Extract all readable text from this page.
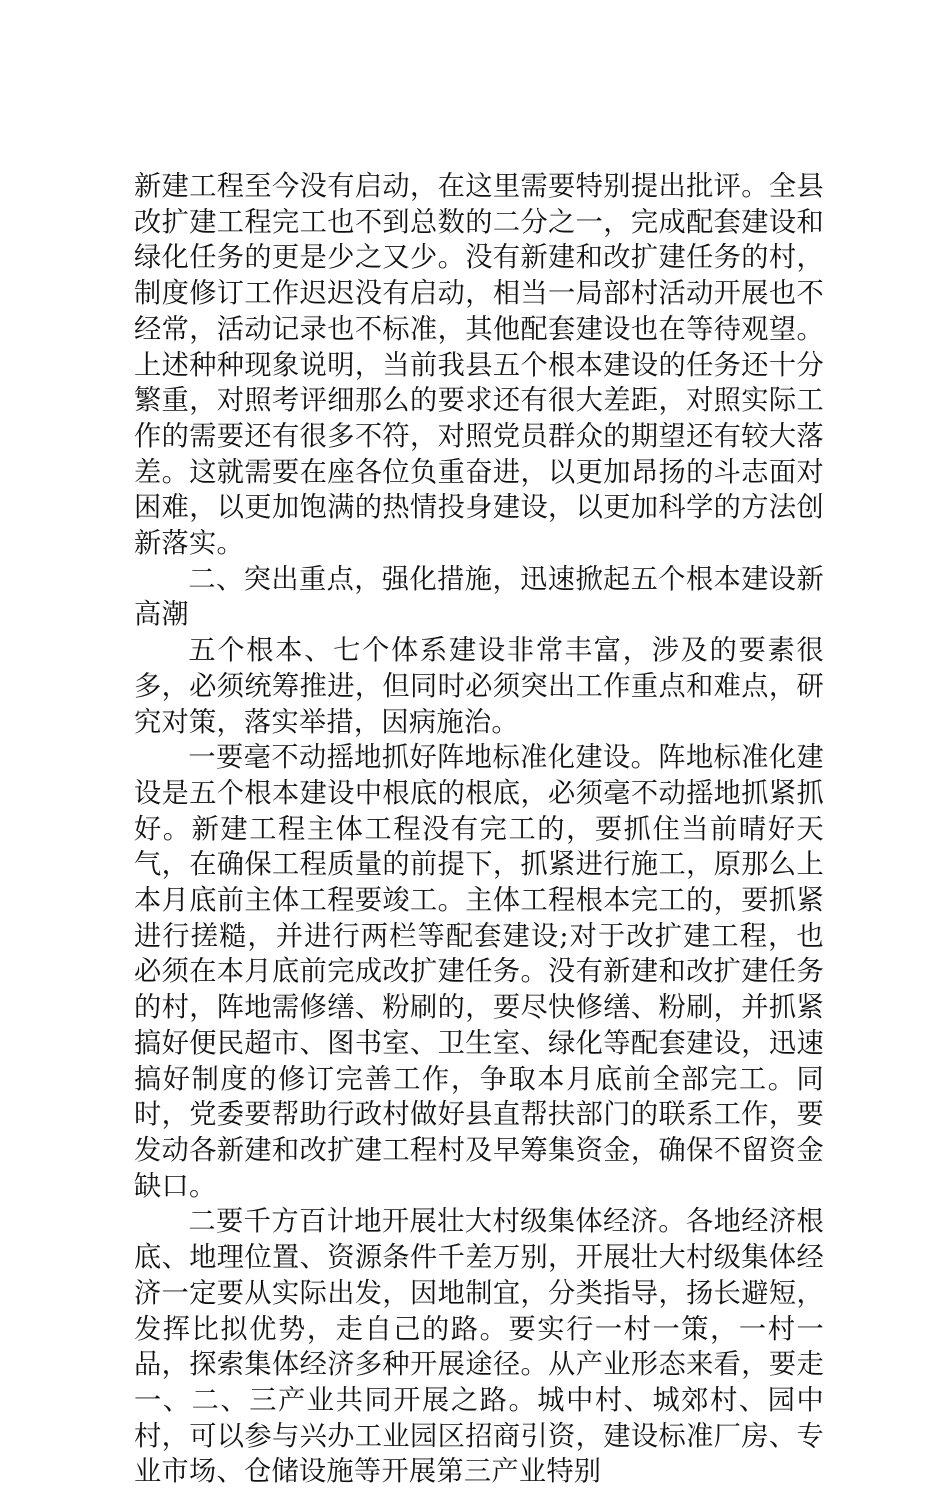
新建工程至今没有启动，在这里需要特别提出批评。全县改扩建工程完工也不到总数的二分之一，完成配套建设和绿化任务的更是少之又少。没有新建和改扩建任务的村，制度修订工作迟迟没有启动，相当一局部村活动开展也不经常，活动记录也不标准，其他配套建设也在等待观望。上述种种现象说明，当前我县五个根本建设的任务还十分繁重，对照考评细那么的要求还有很大差距，对照实际工作的需要还有很多不符，对照党员群众的期望还有较大落差。这就需要在座各位负重奋进，以更加昂扬的斗志面对困难，以更加饱满的热情投身建设，以更加科学的方法创新落实。

二、突出重点，强化措施，迅速掀起五个根本建设新高潮

五个根本、七个体系建设非常丰富，涉及的要素很多，必须统筹推进，但同时必须突出工作重点和难点，研究对策，落实举措，因病施治。

一要毫不动摇地抓好阵地标准化建设。阵地标准化建设是五个根本建设中根底的根底，必须毫不动摇地抓紧抓好。新建工程主体工程没有完工的，要抓住当前晴好天气，在确保工程质量的前提下，抓紧进行施工，原那么上本月底前主体工程要竣工。主体工程根本完工的，要抓紧进行搓糙，并进行两栏等配套建设;对于改扩建工程，也必须在本月底前完成改扩建任务。没有新建和改扩建任务的村，阵地需修缮、粉刷的，要尽快修缮、粉刷，并抓紧搞好便民超市、图书室、卫生室、绿化等配套建设，迅速搞好制度的修订完善工作，争取本月底前全部完工。同时，党委要帮助行政村做好县直帮扶部门的联系工作，要发动各新建和改扩建工程村及早筹集资金，确保不留资金缺口。

二要千方百计地开展壮大村级集体经济。各地经济根底、地理位置、资源条件千差万别，开展壮大村级集体经济一定要从实际出发，因地制宜，分类指导，扬长避短，发挥比拟优势，走自己的路。要实行一村一策，一村一品，探索集体经济多种开展途径。从产业形态来看，要走一、二、三产业共同开展之路。城中村、城郊村、园中村，可以参与兴办工业园区招商引资，建设标准厂房、专业市场、仓储设施等开展第三产业特别
